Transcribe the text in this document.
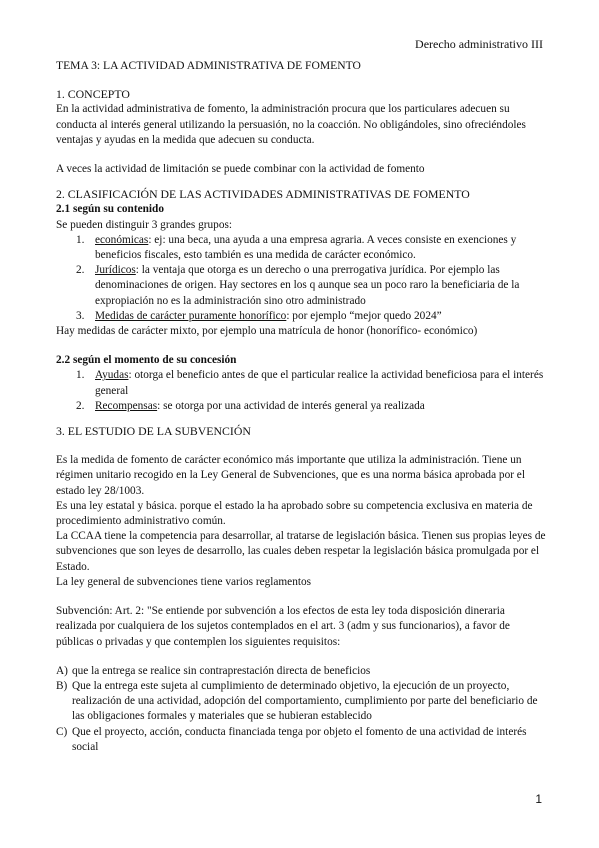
Derecho administrativo III

TEMA 3: LA ACTIVIDAD ADMINISTRATIVA DE FOMENTO

1. CONCEPTO

En la actividad administrativa de fomento, la administración procura que los particulares adecuen su conducta al interés general utilizando la persuasión, no la coacción. No obligándoles, sino ofreciéndoles ventajas y ayudas en la medida que adecuen su conducta.

A veces la actividad de limitación se puede combinar con la actividad de fomento

2. CLASIFICACIÓN DE LAS ACTIVIDADES ADMINISTRATIVAS DE FOMENTO

2.1 según su contenido

Se pueden distinguir 3 grandes grupos:

1. económicas: ej: una beca, una ayuda a una empresa agraria. A veces consiste en exenciones y beneficios fiscales, esto también es una medida de carácter económico.
2. Jurídicos: la ventaja que otorga es un derecho o una prerrogativa jurídica. Por ejemplo las denominaciones de origen. Hay sectores en los q aunque sea un poco raro la beneficiaria de la expropiación no es la administración sino otro administrado
3. Medidas de carácter puramente honorífico: por ejemplo “mejor quedo 2024”

Hay medidas de carácter mixto, por ejemplo una matrícula de honor (honorífico- económico)

2.2 según el momento de su concesión

1. Ayudas: otorga el beneficio antes de que el particular realice la actividad beneficiosa para el interés general
2. Recompensas: se otorga por una actividad de interés general ya realizada

3. EL ESTUDIO DE LA SUBVENCIÓN

Es la medida de fomento de carácter económico más importante que utiliza la administración. Tiene un régimen unitario recogido en la Ley General de Subvenciones, que es una norma básica aprobada por el estado ley 28/1003.

Es una ley estatal y básica. porque el estado la ha aprobado sobre su competencia exclusiva en materia de procedimiento administrativo común.

La CCAA tiene la competencia para desarrollar, al tratarse de legislación básica. Tienen sus propias leyes de subvenciones que son leyes de desarrollo, las cuales deben respetar la legislación básica promulgada por el Estado.

La ley general de subvenciones tiene varios reglamentos

Subvención: Art. 2: "Se entiende por subvención a los efectos de esta ley toda disposición dineraria realizada por cualquiera de los sujetos contemplados en el art. 3 (adm y sus funcionarios), a favor de públicas o privadas y que contemplen los siguientes requisitos:

A) que la entrega se realice sin contraprestación directa de beneficios
B) Que la entrega este sujeta al cumplimiento de determinado objetivo, la ejecución de un proyecto, realización de una actividad, adopción del comportamiento, cumplimiento por parte del beneficiario de las obligaciones formales y materiales que se hubieran establecido
C) Que el proyecto, acción, conducta financiada tenga por objeto el fomento de una actividad de interés social
1
